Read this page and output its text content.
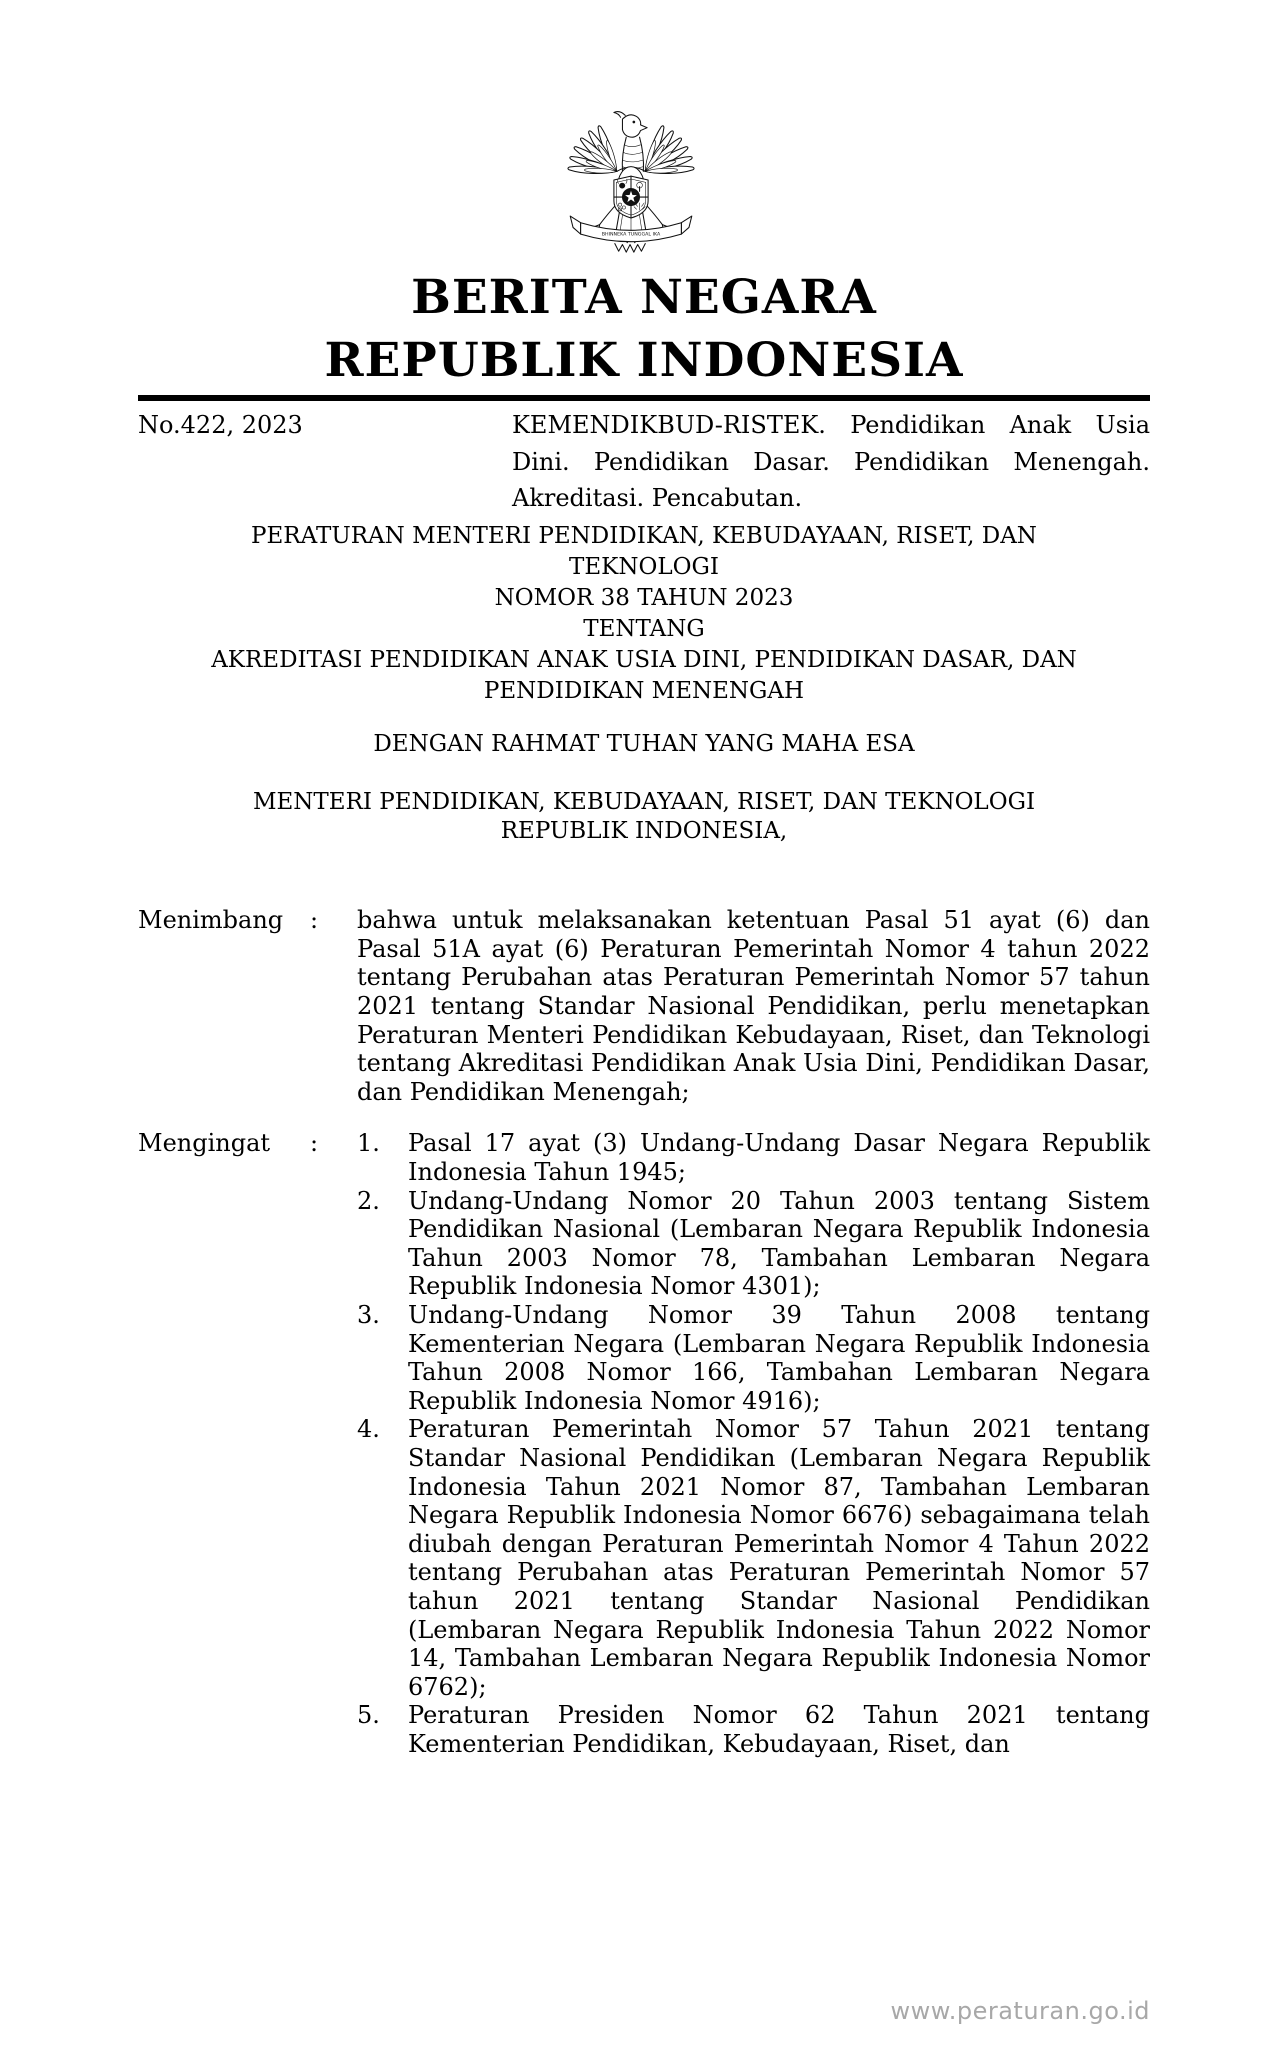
BHINNEKA TUNGGAL IKA
BERITA NEGARA
REPUBLIK INDONESIA
No.422, 2023	KEMENDIKBUD-RISTEK. Pendidikan Anak Usia Dini. Pendidikan Dasar. Pendidikan Menengah. Akreditasi. Pencabutan.

PERATURAN MENTERI PENDIDIKAN, KEBUDAYAAN, RISET, DAN
TEKNOLOGI
NOMOR 38 TAHUN 2023
TENTANG
AKREDITASI PENDIDIKAN ANAK USIA DINI, PENDIDIKAN DASAR, DAN
PENDIDIKAN MENENGAH
DENGAN RAHMAT TUHAN YANG MAHA ESA
MENTERI PENDIDIKAN, KEBUDAYAAN, RISET, DAN TEKNOLOGI
REPUBLIK INDONESIA,
Menimbang	:	bahwa untuk melaksanakan ketentuan Pasal 51 ayat (6) dan Pasal 51A ayat (6) Peraturan Pemerintah Nomor 4 tahun 2022 tentang Perubahan atas Peraturan Pemerintah Nomor 57 tahun 2021 tentang Standar Nasional Pendidikan, perlu menetapkan Peraturan Menteri Pendidikan Kebudayaan, Riset, dan Teknologi tentang Akreditasi Pendidikan Anak Usia Dini, Pendidikan Dasar, dan Pendidikan Menengah;
Mengingat	:	1.	Pasal 17 ayat (3) Undang-Undang Dasar Negara Republik Indonesia Tahun 1945;
2.	Undang-Undang Nomor 20 Tahun 2003 tentang Sistem Pendidikan Nasional (Lembaran Negara Republik Indonesia Tahun 2003 Nomor 78, Tambahan Lembaran Negara Republik Indonesia Nomor 4301);
3.	Undang-Undang Nomor 39 Tahun 2008 tentang Kementerian Negara (Lembaran Negara Republik Indonesia Tahun 2008 Nomor 166, Tambahan Lembaran Negara Republik Indonesia Nomor 4916);
4.	Peraturan Pemerintah Nomor 57 Tahun 2021 tentang Standar Nasional Pendidikan (Lembaran Negara Republik Indonesia Tahun 2021 Nomor 87, Tambahan Lembaran Negara Republik Indonesia Nomor 6676) sebagaimana telah diubah dengan Peraturan Pemerintah Nomor 4 Tahun 2022 tentang Perubahan atas Peraturan Pemerintah Nomor 57 tahun 2021 tentang Standar Nasional Pendidikan (Lembaran Negara Republik Indonesia Tahun 2022 Nomor 14, Tambahan Lembaran Negara Republik Indonesia Nomor 6762);
5.	Peraturan Presiden Nomor 62 Tahun 2021 tentang Kementerian Pendidikan, Kebudayaan, Riset, dan
www.peraturan.go.id
